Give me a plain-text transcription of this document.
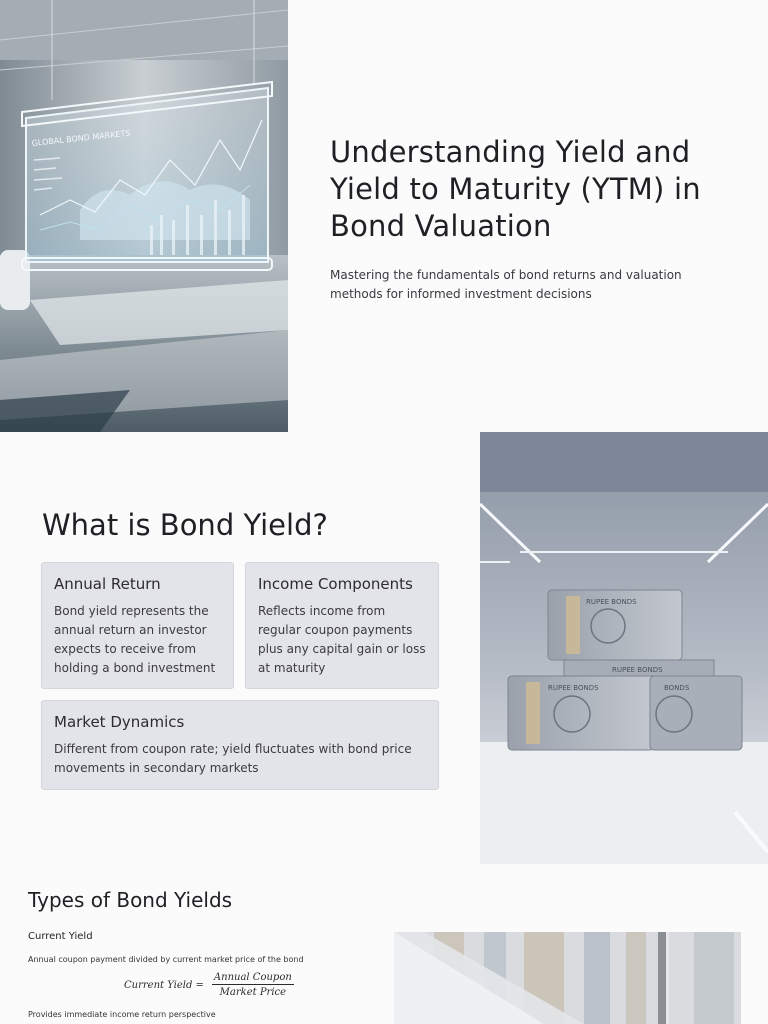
GLOBAL BOND MARKETS	Understanding Yield and Yield to Maturity (YTM) in Bond Valuation

Mastering the fundamentals of bond returns and valuation methods for informed investment decisions

What is Bond Yield?
Annual Return

Bond yield represents the annual return an investor expects to receive from holding a bond investment

Income Components

Reflects income from regular coupon payments plus any capital gain or loss at maturity

Market Dynamics

Different from coupon rate; yield fluctuates with bond price movements in secondary markets

RUPEE BONDS
RUPEE BONDS
RUPEE BONDS	BONDS
Types of Bond Yields
Current Yield
Annual coupon payment divided by current market price of the bond
Current Yield = $\frac{\text{Annual Coupon}}{\text{Market Price}}$
Provides immediate income return perspective
